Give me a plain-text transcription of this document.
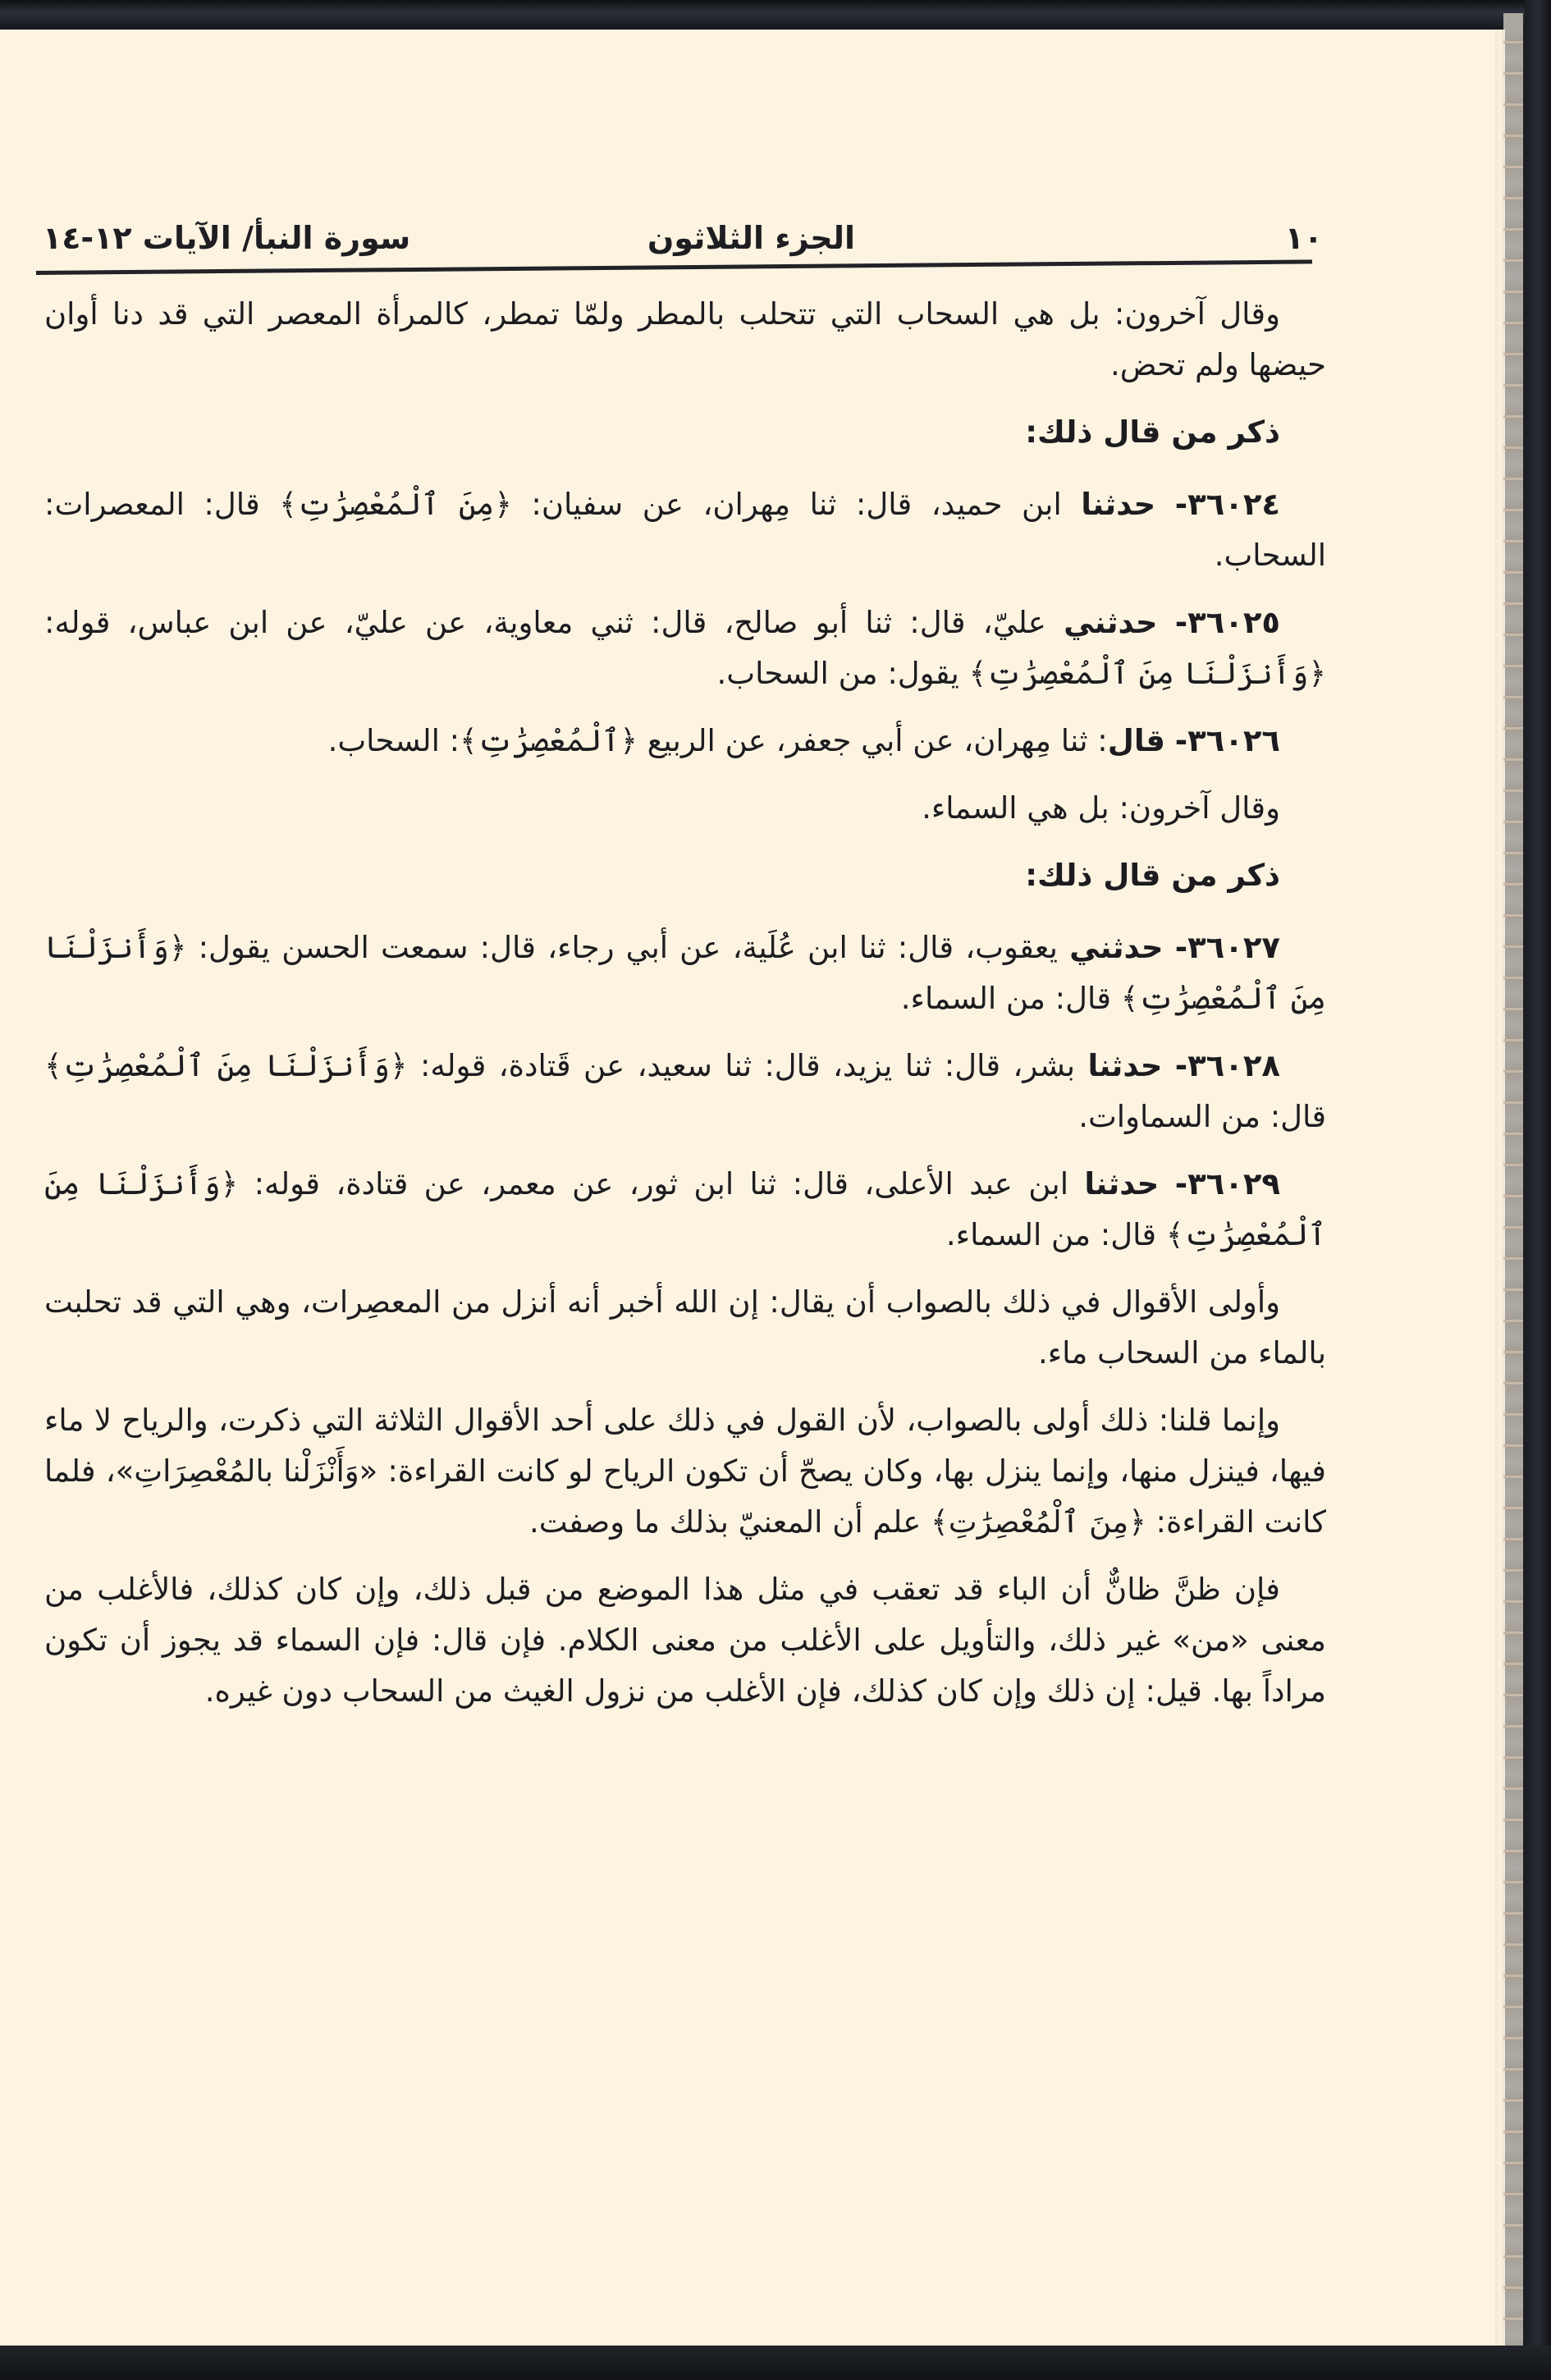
١٠
الجزء الثلاثون
سورة النبأ/ الآيات ١٢-١٤

وقال آخرون: بل هي السحاب التي تتحلب بالمطر ولمّا تمطر، كالمرأة المعصر التي قد دنا أوان حيضها ولم تحض.

ذكر من قال ذلك:

٣٦٠٢٤- حدثنا ابن حميد، قال: ثنا مِهران، عن سفيان: ﴿مِنَ ٱلْمُعْصِرَٰتِ﴾ قال: المعصرات: السحاب.

٣٦٠٢٥- حدثني عليّ، قال: ثنا أبو صالح، قال: ثني معاوية، عن عليّ، عن ابن عباس، قوله: ﴿وَأَنزَلْنَا مِنَ ٱلْمُعْصِرَٰتِ﴾ يقول: من السحاب.

٣٦٠٢٦- قال: ثنا مِهران، عن أبي جعفر، عن الربيع ﴿ٱلْمُعْصِرَٰتِ﴾: السحاب.

وقال آخرون: بل هي السماء.

ذكر من قال ذلك:

٣٦٠٢٧- حدثني يعقوب، قال: ثنا ابن عُلَية، عن أبي رجاء، قال: سمعت الحسن يقول: ﴿وَأَنزَلْنَا مِنَ ٱلْمُعْصِرَٰتِ﴾ قال: من السماء.

٣٦٠٢٨- حدثنا بشر، قال: ثنا يزيد، قال: ثنا سعيد، عن قَتادة، قوله: ﴿وَأَنزَلْنَا مِنَ ٱلْمُعْصِرَٰتِ﴾ قال: من السماوات.

٣٦٠٢٩- حدثنا ابن عبد الأعلى، قال: ثنا ابن ثور، عن معمر، عن قتادة، قوله: ﴿وَأَنزَلْنَا مِنَ ٱلْمُعْصِرَٰتِ﴾ قال: من السماء.

وأولى الأقوال في ذلك بالصواب أن يقال: إن الله أخبر أنه أنزل من المعصِرات، وهي التي قد تحلبت بالماء من السحاب ماء.

وإنما قلنا: ذلك أولى بالصواب، لأن القول في ذلك على أحد الأقوال الثلاثة التي ذكرت، والرياح لا ماء فيها، فينزل منها، وإنما ينزل بها، وكان يصحّ أن تكون الرياح لو كانت القراءة: «وَأَنْزَلْنا بالمُعْصِرَاتِ»، فلما كانت القراءة: ﴿مِنَ ٱلْمُعْصِرَٰتِ﴾ علم أن المعنيّ بذلك ما وصفت.

فإن ظنَّ ظانٌّ أن الباء قد تعقب في مثل هذا الموضع من قبل ذلك، وإن كان كذلك، فالأغلب من معنى «من» غير ذلك، والتأويل على الأغلب من معنى الكلام. فإن قال: فإن السماء قد يجوز أن تكون مراداً بها. قيل: إن ذلك وإن كان كذلك، فإن الأغلب من نزول الغيث من السحاب دون غيره.
